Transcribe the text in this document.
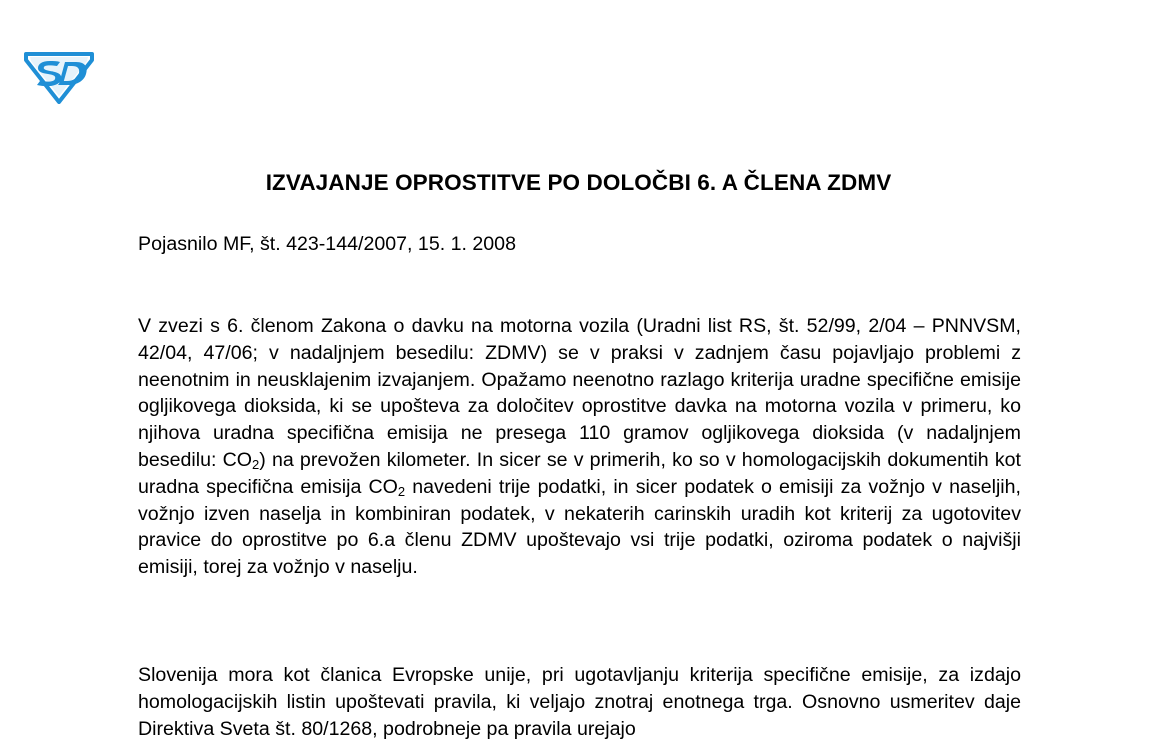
IZVAJANJE OPROSTITVE PO DOLOČBI 6. A ČLENA ZDMV
Pojasnilo MF, št. 423-144/2007, 15. 1. 2008
V zvezi s 6. členom Zakona o davku na motorna vozila (Uradni list RS, št. 52/99, 2/04 – PNNVSM, 42/04, 47/06; v nadaljnjem besedilu: ZDMV) se v praksi v zadnjem času pojavljajo problemi z neenotnim in neusklajenim izvajanjem. Opažamo neenotno razlago kriterija uradne specifične emisije ogljikovega dioksida, ki se upošteva za določitev oprostitve davka na motorna vozila v primeru, ko njihova uradna specifična emisija ne presega 110 gramov ogljikovega dioksida (v nadaljnjem besedilu: $CO_2$) na prevožen kilometer. In sicer se v primerih, ko so v homologacijskih dokumentih kot uradna specifična emisija $CO_2$ navedeni trije podatki, in sicer podatek o emisiji za vožnjo v naseljih, vožnjo izven naselja in kombiniran podatek, v nekaterih carinskih uradih kot kriterij za ugotovitev pravice do oprostitve po 6.a členu ZDMV upoštevajo vsi trije podatki, oziroma podatek o najvišji emisiji, torej za vožnjo v naselju.
Slovenija mora kot članica Evropske unije, pri ugotavljanju kriterija specifične emisije, za izdajo homologacijskih listin upoštevati pravila, ki veljajo znotraj enotnega trga. Osnovno usmeritev daje Direktiva Sveta št. 80/1268, podrobneje pa pravila urejajo
